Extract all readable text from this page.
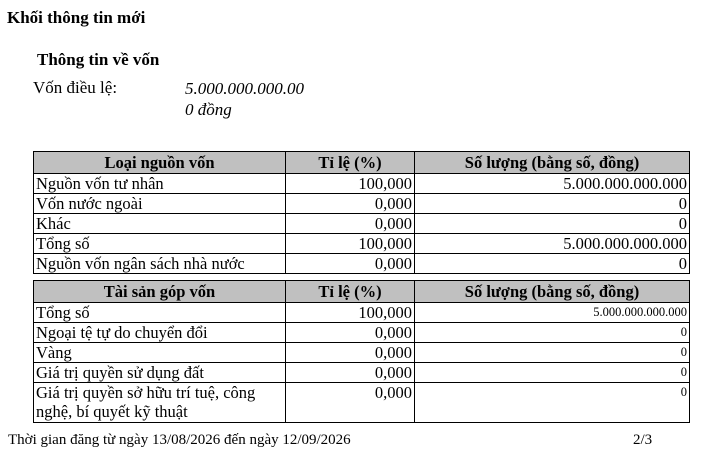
Khối thông tin mới
Thông tin về vốn
Vốn điều lệ:	5.000.000.000.00
0 đồng
Loại nguồn vốn	Tỉ lệ (%)	Số lượng (bằng số, đồng)
Nguồn vốn tư nhân	100,000	5.000.000.000.000
Vốn nước ngoài	0,000	0
Khác	0,000	0
Tổng số	100,000	5.000.000.000.000
Nguồn vốn ngân sách nhà nước	0,000	0
Tài sản góp vốn	Tỉ lệ (%)	Số lượng (bằng số, đồng)
Tổng số	100,000	5.000.000.000.000
Ngoại tệ tự do chuyển đổi	0,000	0
Vàng	0,000	0
Giá trị quyền sử dụng đất	0,000	0
Giá trị quyền sở hữu trí tuệ, công nghệ, bí quyết kỹ thuật	0,000	0
Thời gian đăng từ ngày 13/08/2026 đến ngày 12/09/2026	2/3
